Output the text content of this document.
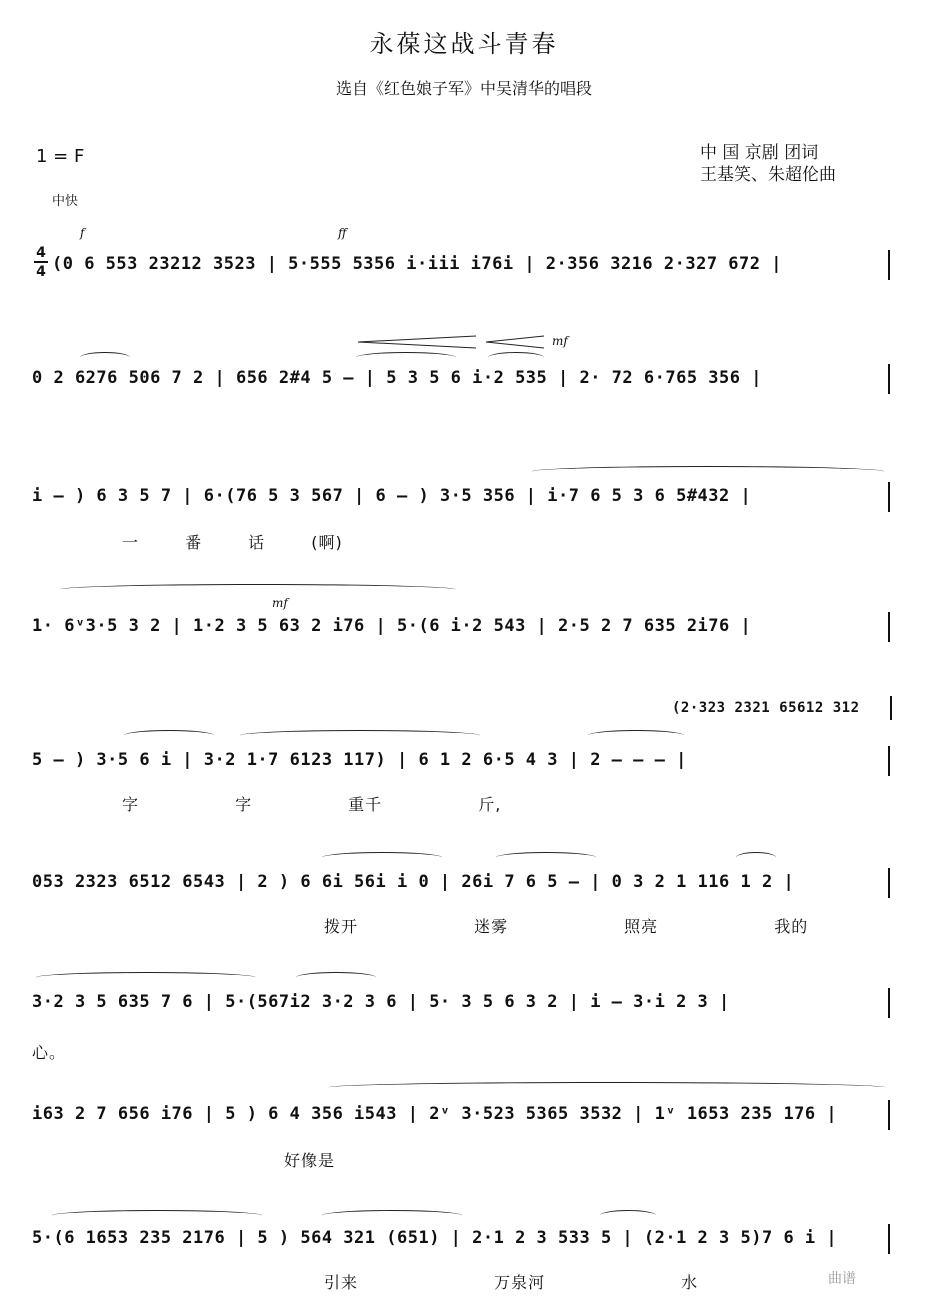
永葆这战斗青春
选自《红色娘子军》中吴清华的唱段
1 = F
中快
中 国 京剧 团词
王基笑、朱超伦曲
4
4
f	ff
mf
mf
(0 6 553 23212 3523 | 5·555 5356 i·iii i76i | 2·356 3216 2·327 672 |
0 2 6276 506 7 2 | 656 2#4 5 – | 5 3 5 6 i·2 535 | 2· 72 6·765 356 |
i – ) 6 3 5 7 | 6·(76 5 3 567 | 6 – ) 3·5 356 | i·7 6 5 3 6 5#432 |
一 番 话 (啊)
1· 6ᵛ3·5 3 2 | 1·2 3 5 63 2 i76 | 5·(6 i·2 543 | 2·5 2 7 635 2i76 |
(2·323 2321 65612 312
5 – ) 3·5 6 i | 3·2 1·7 6123 117) | 6 1 2 6·5 4 3 | 2 – – – |
字 字 重千 斤,
053 2323 6512 6543 | 2 ) 6 6i 56i i 0 | 26i 7 6 5 – | 0 3 2 1 116 1 2 |
拨开 迷雾 照亮 我的
3·2 3 5 635 7 6 | 5·(567i2 3·2 3 6 | 5· 3 5 6 3 2 | i – 3·i 2 3 |
心。
i63 2 7 656 i76 | 5 ) 6 4 356 i543 | 2ᵛ 3·523 5365 3532 | 1ᵛ 1653 235 176 |
好像是
5·(6 1653 235 2176 | 5 ) 564 321 (651) | 2·1 2 3 533 5 | (2·1 2 3 5)7 6 i |
引来 万泉河 水	曲谱
